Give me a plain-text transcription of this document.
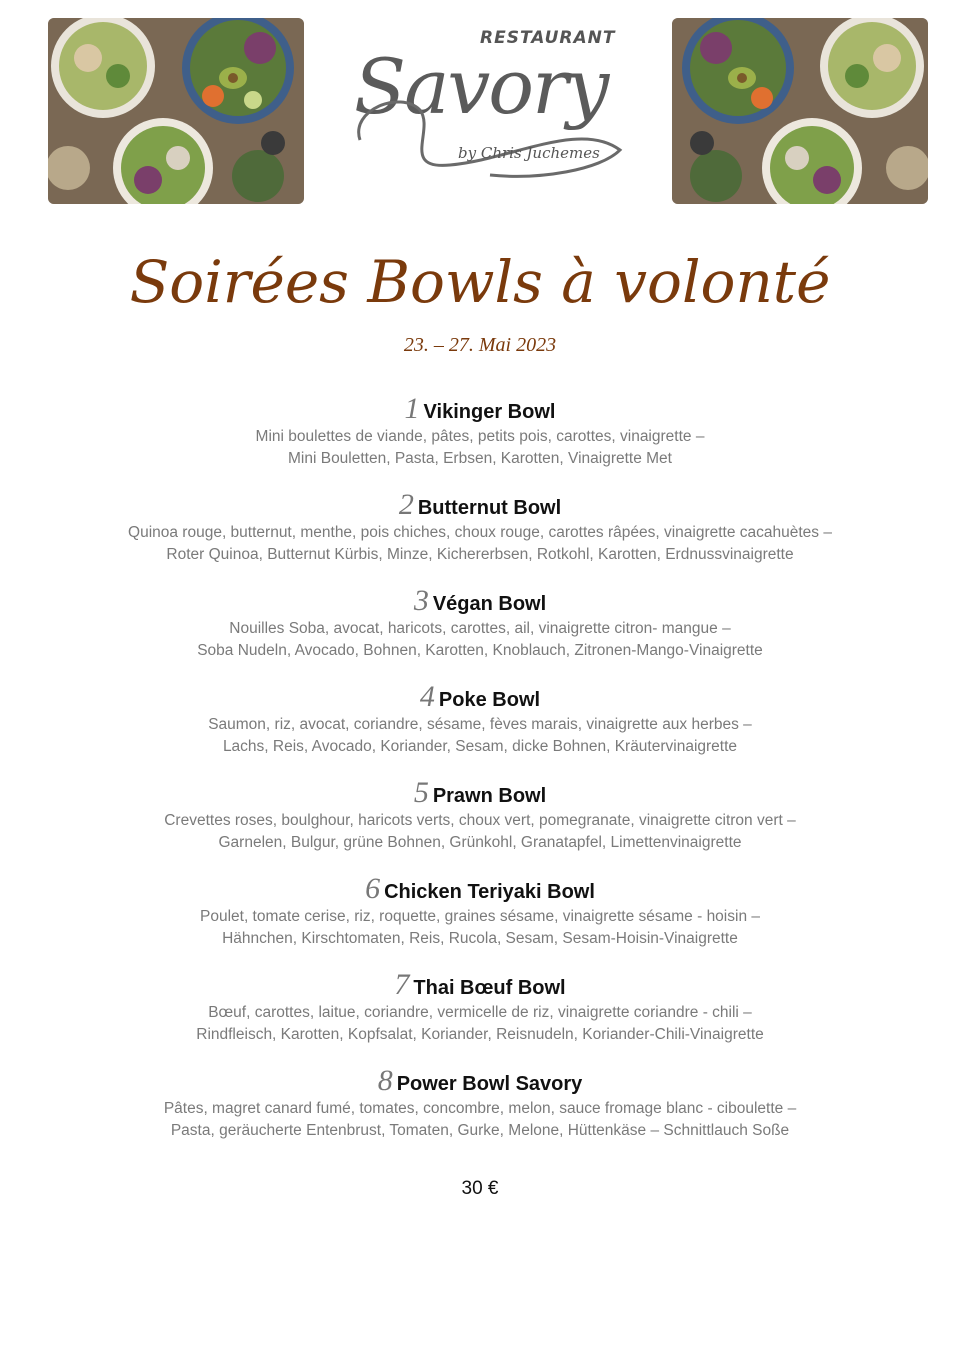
RESTAURANT
Savory
by Chris Juchemes
Soirées Bowls à volonté
23. – 27. Mai 2023
1 Vikinger Bowl
Mini boulettes de viande, pâtes, petits pois, carottes, vinaigrette –
Mini Bouletten, Pasta, Erbsen, Karotten, Vinaigrette Met
2 Butternut Bowl
Quinoa rouge, butternut, menthe, pois chiches, choux rouge, carottes râpées, vinaigrette cacahuètes –
Roter Quinoa, Butternut Kürbis, Minze, Kichererbsen, Rotkohl, Karotten, Erdnussvinaigrette
3 Végan Bowl
Nouilles Soba, avocat, haricots, carottes, ail, vinaigrette citron- mangue –
Soba Nudeln, Avocado, Bohnen, Karotten, Knoblauch, Zitronen-Mango-Vinaigrette
4 Poke Bowl
Saumon, riz, avocat, coriandre, sésame, fèves marais, vinaigrette aux herbes –
Lachs, Reis, Avocado, Koriander, Sesam, dicke Bohnen, Kräutervinaigrette
5 Prawn Bowl
Crevettes roses, boulghour, haricots verts, choux vert, pomegranate, vinaigrette citron vert –
Garnelen, Bulgur, grüne Bohnen, Grünkohl, Granatapfel, Limettenvinaigrette
6 Chicken Teriyaki Bowl
Poulet, tomate cerise, riz, roquette, graines sésame, vinaigrette sésame - hoisin –
Hähnchen, Kirschtomaten, Reis, Rucola, Sesam, Sesam-Hoisin-Vinaigrette
7 Thai Bœuf Bowl
Bœuf, carottes, laitue, coriandre, vermicelle de riz, vinaigrette coriandre - chili –
Rindfleisch, Karotten, Kopfsalat, Koriander, Reisnudeln, Koriander-Chili-Vinaigrette
8 Power Bowl Savory
Pâtes, magret canard fumé, tomates, concombre, melon, sauce fromage blanc - ciboulette –
Pasta, geräucherte Entenbrust, Tomaten, Gurke, Melone, Hüttenkäse – Schnittlauch Soße
30 €
